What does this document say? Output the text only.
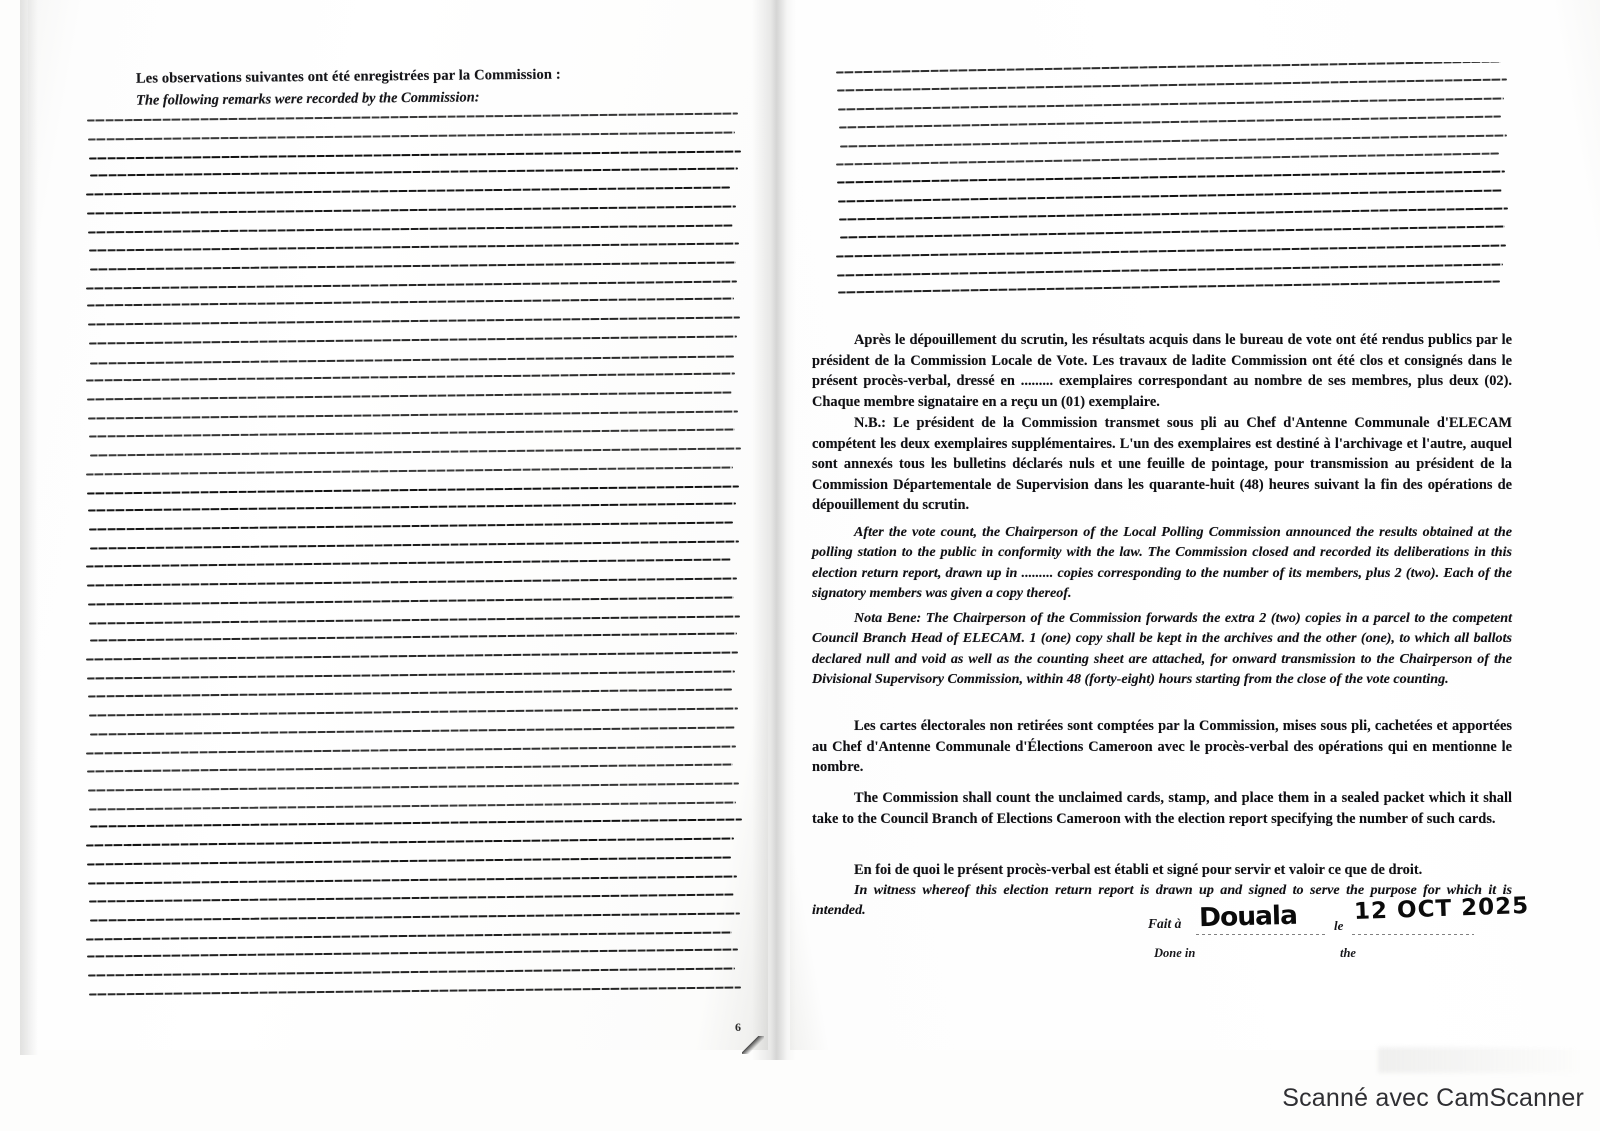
Les observations suivantes ont été enregistrées par la Commission :
The following remarks were recorded by the Commission:
6
Après le dépouillement du scrutin, les résultats acquis dans le bureau de vote ont été rendus publics par le président de la Commission Locale de Vote. Les travaux de ladite Commission ont été clos et consignés dans le présent procès-verbal, dressé en ......... exemplaires correspondant au nombre de ses membres, plus deux (02). Chaque membre signataire en a reçu un (01) exemplaire.
N.B.: Le président de la Commission transmet sous pli au Chef d'Antenne Communale d'ELECAM compétent les deux exemplaires supplémentaires. L'un des exemplaires est destiné à l'archivage et l'autre, auquel sont annexés tous les bulletins déclarés nuls et une feuille de pointage, pour transmission au président de la Commission Départementale de Supervision dans les quarante-huit (48) heures suivant la fin des opérations de dépouillement du scrutin.
After the vote count, the Chairperson of the Local Polling Commission announced the results obtained at the polling station to the public in conformity with the law. The Commission closed and recorded its deliberations in this election return report, drawn up in ......... copies corresponding to the number of its members, plus 2 (two). Each of the signatory members was given a copy thereof.
Nota Bene: The Chairperson of the Commission forwards the extra 2 (two) copies in a parcel to the competent Council Branch Head of ELECAM. 1 (one) copy shall be kept in the archives and the other (one), to which all ballots declared null and void as well as the counting sheet are attached, for onward transmission to the Chairperson of the Divisional Supervisory Commission, within 48 (forty-eight) hours starting from the close of the vote counting.
Les cartes électorales non retirées sont comptées par la Commission, mises sous pli, cachetées et apportées au Chef d'Antenne Communale d'Élections Cameroon avec le procès-verbal des opérations qui en mentionne le nombre.
The Commission shall count the unclaimed cards, stamp, and place them in a sealed packet which it shall take to the Council Branch of Elections Cameroon with the election report specifying the number of such cards.
En foi de quoi le présent procès-verbal est établi et signé pour servir et valoir ce que de droit.
In witness whereof this election return report is drawn up and signed to serve the purpose for which it is intended.
Fait à Douala	le
12 OCT 2025
Done in	the
Scanné avec CamScanner
